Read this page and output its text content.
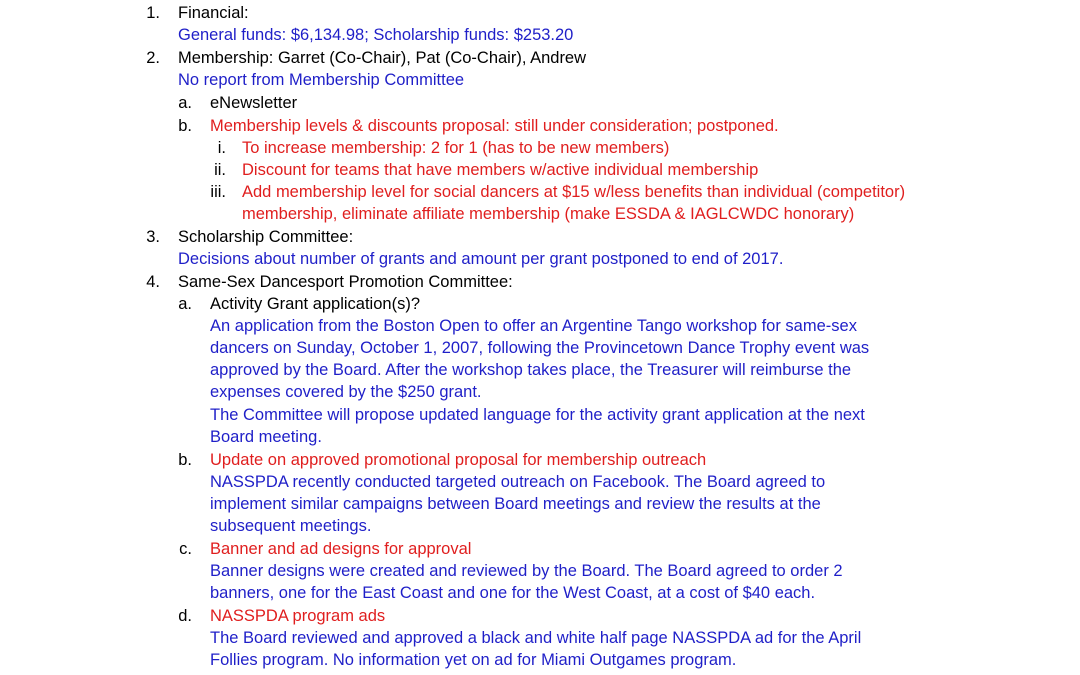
1. Financial:
General funds: $6,134.98; Scholarship funds: $253.20
2. Membership: Garret (Co-Chair), Pat (Co-Chair), Andrew
No report from Membership Committee
a. eNewsletter
b. Membership levels & discounts proposal: still under consideration; postponed.
i. To increase membership: 2 for 1 (has to be new members)
ii. Discount for teams that have members w/active individual membership
iii. Add membership level for social dancers at $15 w/less benefits than individual (competitor)
membership, eliminate affiliate membership (make ESSDA & IAGLCWDC honorary)
3. Scholarship Committee:
Decisions about number of grants and amount per grant postponed to end of 2017.
4. Same-Sex Dancesport Promotion Committee:
a. Activity Grant application(s)?
An application from the Boston Open to offer an Argentine Tango workshop for same-sex
dancers on Sunday, October 1, 2007, following the Provincetown Dance Trophy event was
approved by the Board. After the workshop takes place, the Treasurer will reimburse the
expenses covered by the $250 grant.
The Committee will propose updated language for the activity grant application at the next
Board meeting.
b. Update on approved promotional proposal for membership outreach
NASSPDA recently conducted targeted outreach on Facebook. The Board agreed to
implement similar campaigns between Board meetings and review the results at the
subsequent meetings.
c. Banner and ad designs for approval
Banner designs were created and reviewed by the Board. The Board agreed to order 2
banners, one for the East Coast and one for the West Coast, at a cost of $40 each.
d. NASSPDA program ads
The Board reviewed and approved a black and white half page NASSPDA ad for the April
Follies program. No information yet on ad for Miami Outgames program.
